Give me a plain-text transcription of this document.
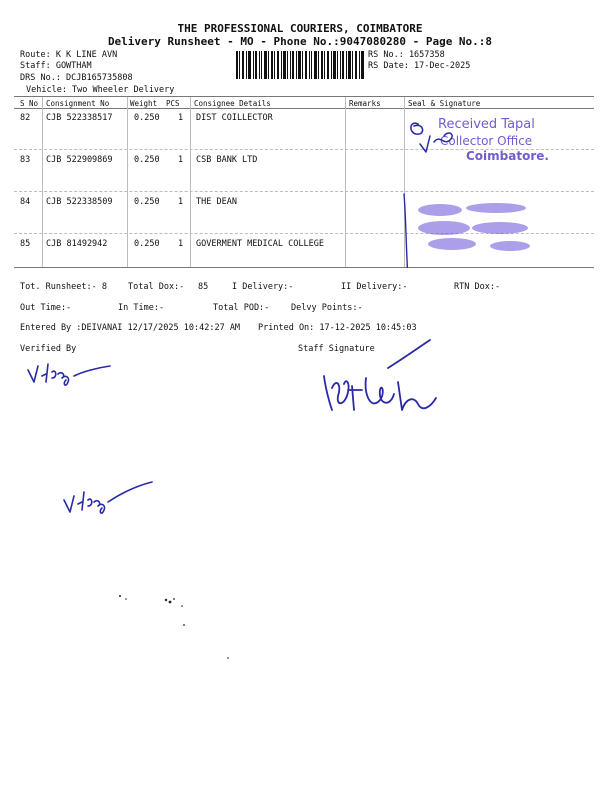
THE PROFESSIONAL COURIERS, COIMBATORE
Delivery Runsheet - MO - Phone No.:9047080280 - Page No.:8
Route: K K LINE AVN
Staff: GOWTHAM
DRS No.: DCJB165735808
Vehicle: Two Wheeler Delivery
RS No.: 1657358
RS Date: 17-Dec-2025
S No Consignment No	Weight PCS Consignee Details	Remarks	Seal & Signature
82 CJB 522338517	0.250 1 DIST COILLECTOR
83 CJB 522909869	0.250 1 CSB BANK LTD
84 CJB 522338509	0.250 1 THE DEAN
85 CJB 81492942	0.250 1 GOVERMENT MEDICAL COLLEGE
Tot. Runsheet:- 8 Total Dox:- 85	I Delivery:-	II Delivery:-	RTN Dox:-
Out Time:-	In Time:-	Total POD:-	Delvy Points:-
Entered By :DEIVANAI 12/17/2025 10:42:27 AM Printed On: 17-12-2025 10:45:03
Verified By	Staff Signature
Received Tapal
Collector Office
Coimbatore.
